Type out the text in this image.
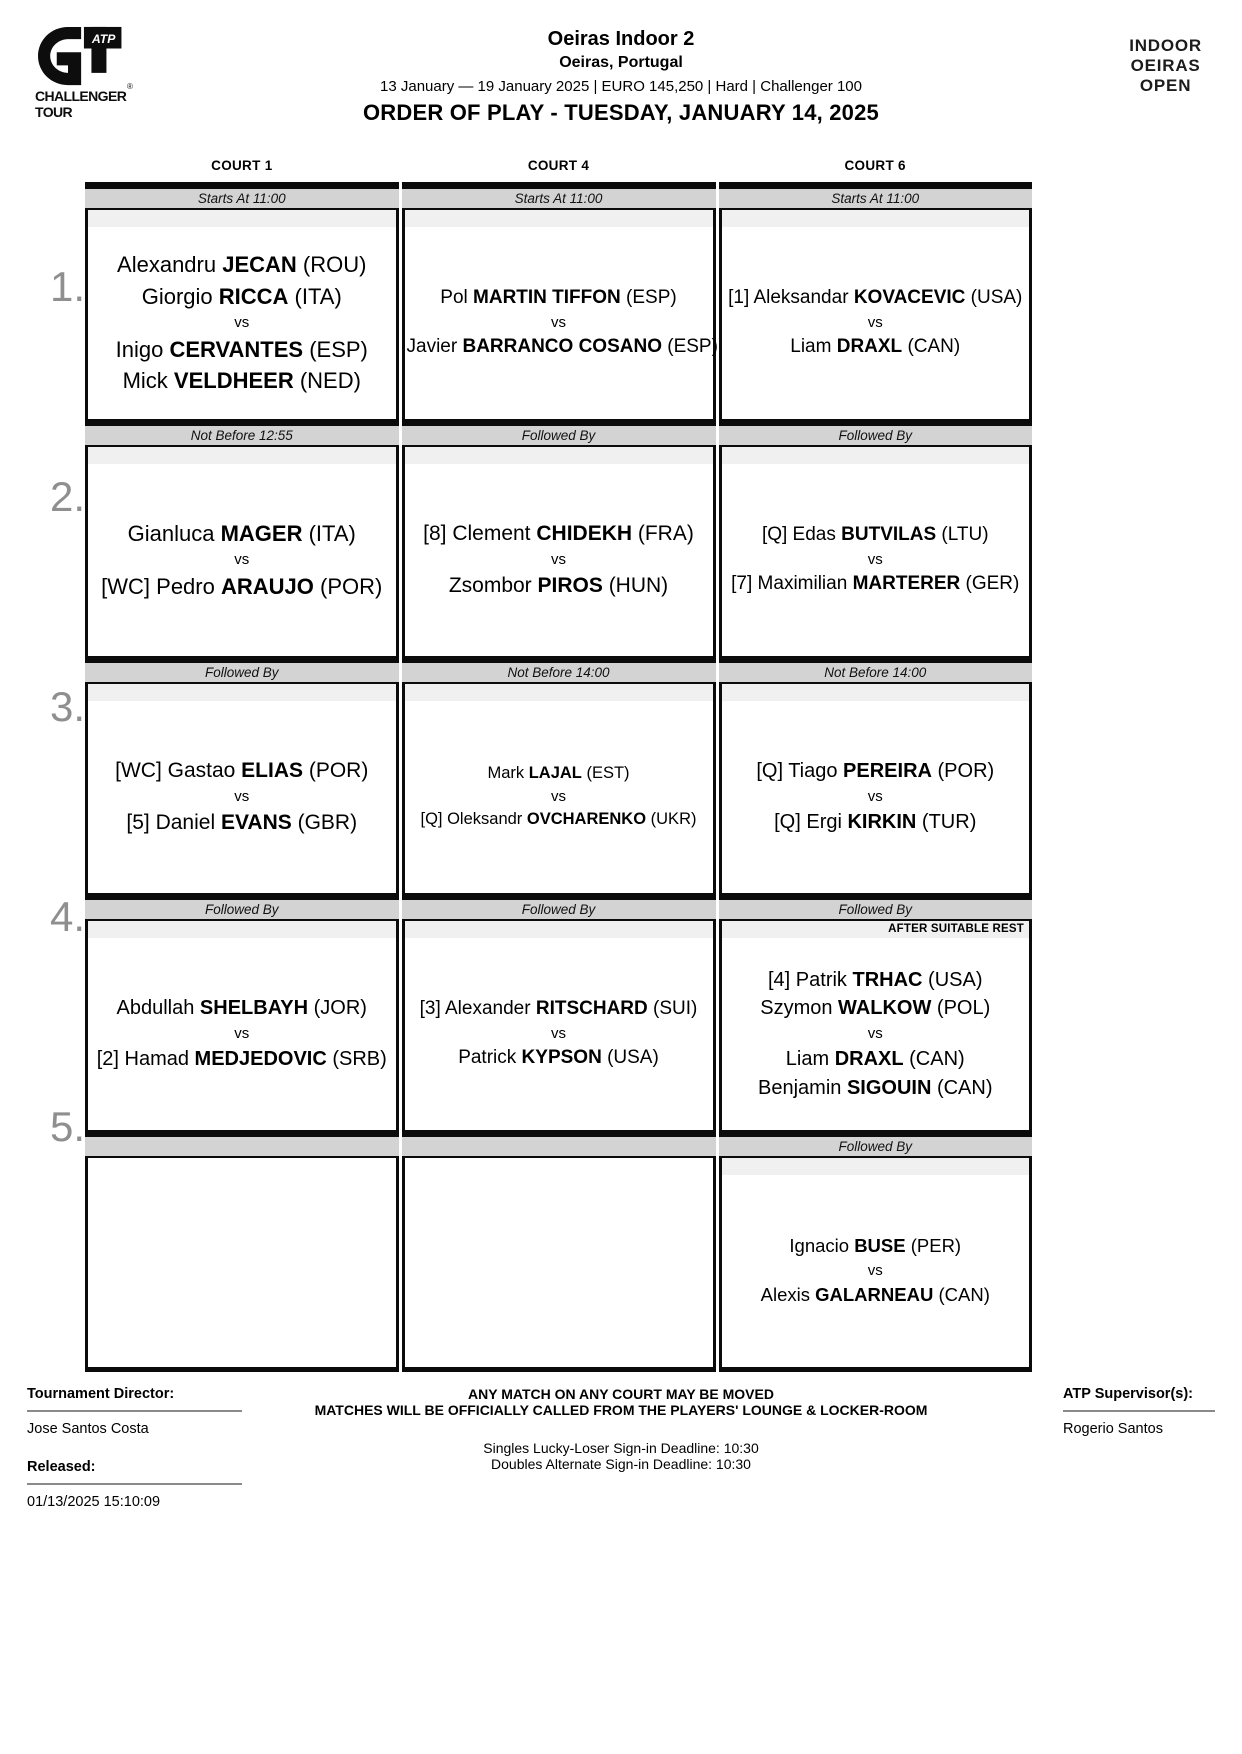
ATP
®
CHALLENGER
TOUR
Oeiras Indoor 2
Oeiras, Portugal
13 January — 19 January 2025 | EURO 145,250 | Hard | Challenger 100
ORDER OF PLAY - TUESDAY, JANUARY 14, 2025
INDOOR
OEIRAS
OPEN
COURT 1	COURT 4	COURT 6
Starts At 11:00
Alexandru JECAN (ROU)
Giorgio RICCA (ITA)
vs
Inigo CERVANTES (ESP)
Mick VELDHEER (NED)
Not Before 12:55
Gianluca MAGER (ITA)
vs
[WC] Pedro ARAUJO (POR)
Followed By
[WC] Gastao ELIAS (POR)
vs
[5] Daniel EVANS (GBR)
Followed By
Abdullah SHELBAYH (JOR)
vs
[2] Hamad MEDJEDOVIC (SRB)
Starts At 11:00
Pol MARTIN TIFFON (ESP)
vs
Javier BARRANCO COSANO (ESP)
Followed By
[8] Clement CHIDEKH (FRA)
vs
Zsombor PIROS (HUN)
Not Before 14:00
Mark LAJAL (EST)
vs
[Q] Oleksandr OVCHARENKO (UKR)
Followed By
[3] Alexander RITSCHARD (SUI)
vs
Patrick KYPSON (USA)
Starts At 11:00
[1] Aleksandar KOVACEVIC (USA)
vs
Liam DRAXL (CAN)
Followed By
[Q] Edas BUTVILAS (LTU)
vs
[7] Maximilian MARTERER (GER)
Not Before 14:00
[Q] Tiago PEREIRA (POR)
vs
[Q] Ergi KIRKIN (TUR)
Followed By
AFTER SUITABLE REST
[4] Patrik TRHAC (USA)
Szymon WALKOW (POL)
vs
Liam DRAXL (CAN)
Benjamin SIGOUIN (CAN)
Followed By
Ignacio BUSE (PER)
vs
Alexis GALARNEAU (CAN)
1.
2.
3.
4.
5.
Tournament Director:
Jose Santos Costa
Released:
01/13/2025 15:10:09
ANY MATCH ON ANY COURT MAY BE MOVED
MATCHES WILL BE OFFICIALLY CALLED FROM THE PLAYERS' LOUNGE & LOCKER-ROOM
Singles Lucky-Loser Sign-in Deadline: 10:30
Doubles Alternate Sign-in Deadline: 10:30
ATP Supervisor(s):
Rogerio Santos
